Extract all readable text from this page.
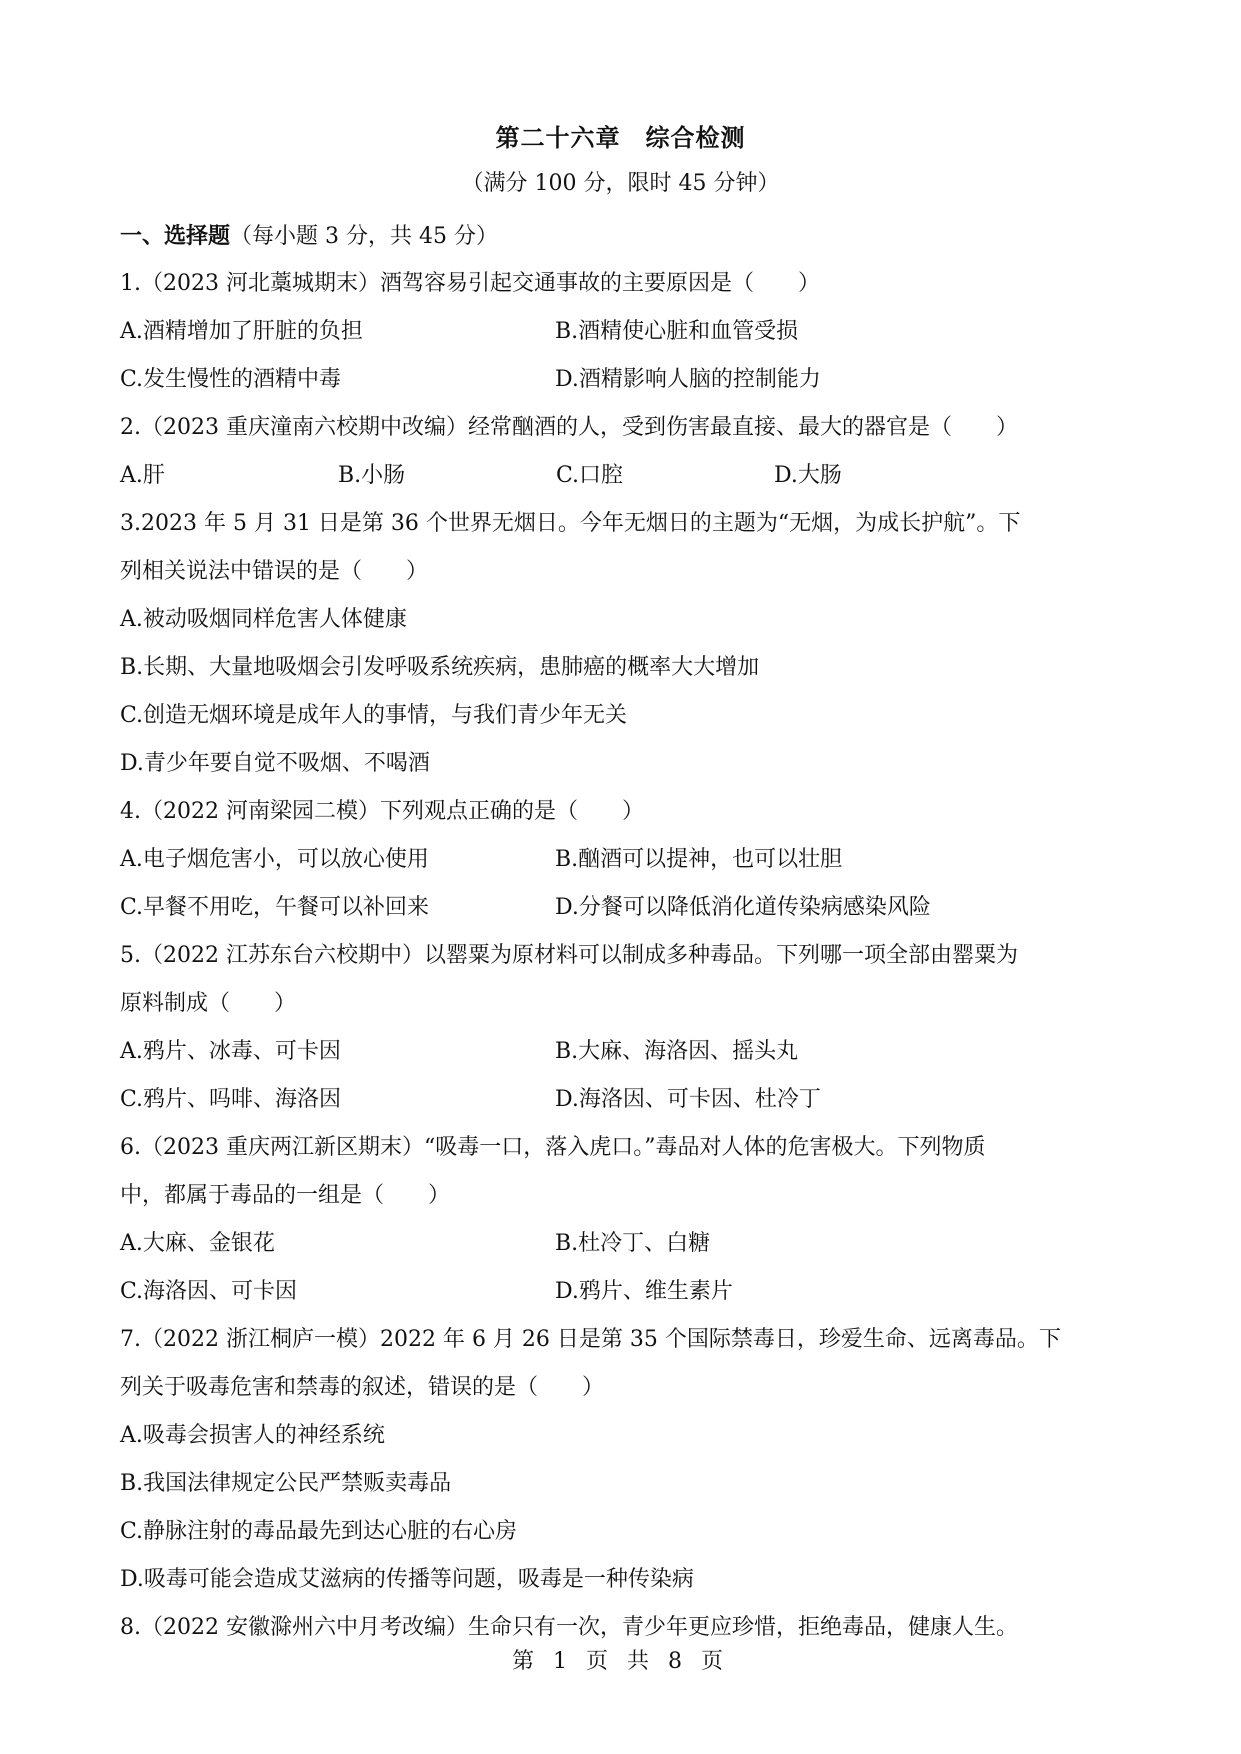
第二十六章　综合检测
（满分 100 分，限时 45 分钟）
一、选择题（每小题 3 分，共 45 分）
1.（2023 河北藁城期末）酒驾容易引起交通事故的主要原因是（　　）
A.酒精增加了肝脏的负担	B.酒精使心脏和血管受损
C.发生慢性的酒精中毒	D.酒精影响人脑的控制能力
2.（2023 重庆潼南六校期中改编）经常酗酒的人，受到伤害最直接、最大的器官是（　　）
A.肝	B.小肠	C.口腔	D.大肠
3.2023 年 5 月 31 日是第 36 个世界无烟日。今年无烟日的主题为“无烟，为成长护航”。下
列相关说法中错误的是（　　）
A.被动吸烟同样危害人体健康
B.长期、大量地吸烟会引发呼吸系统疾病，患肺癌的概率大大增加
C.创造无烟环境是成年人的事情，与我们青少年无关
D.青少年要自觉不吸烟、不喝酒
4.（2022 河南梁园二模）下列观点正确的是（　　）
A.电子烟危害小，可以放心使用	B.酗酒可以提神，也可以壮胆
C.早餐不用吃，午餐可以补回来	D.分餐可以降低消化道传染病感染风险
5.（2022 江苏东台六校期中）以罂粟为原材料可以制成多种毒品。下列哪一项全部由罂粟为
原料制成（　　）
A.鸦片、冰毒、可卡因	B.大麻、海洛因、摇头丸
C.鸦片、吗啡、海洛因	D.海洛因、可卡因、杜冷丁
6.（2023 重庆两江新区期末）“吸毒一口，落入虎口。”毒品对人体的危害极大。下列物质
中，都属于毒品的一组是（　　）
A.大麻、金银花	B.杜冷丁、白糖
C.海洛因、可卡因	D.鸦片、维生素片
7.（2022 浙江桐庐一模）2022 年 6 月 26 日是第 35 个国际禁毒日，珍爱生命、远离毒品。下
列关于吸毒危害和禁毒的叙述，错误的是（　　）
A.吸毒会损害人的神经系统
B.我国法律规定公民严禁贩卖毒品
C.静脉注射的毒品最先到达心脏的右心房
D.吸毒可能会造成艾滋病的传播等问题，吸毒是一种传染病
8.（2022 安徽滁州六中月考改编）生命只有一次，青少年更应珍惜，拒绝毒品，健康人生。
第 1 页 共 8 页
